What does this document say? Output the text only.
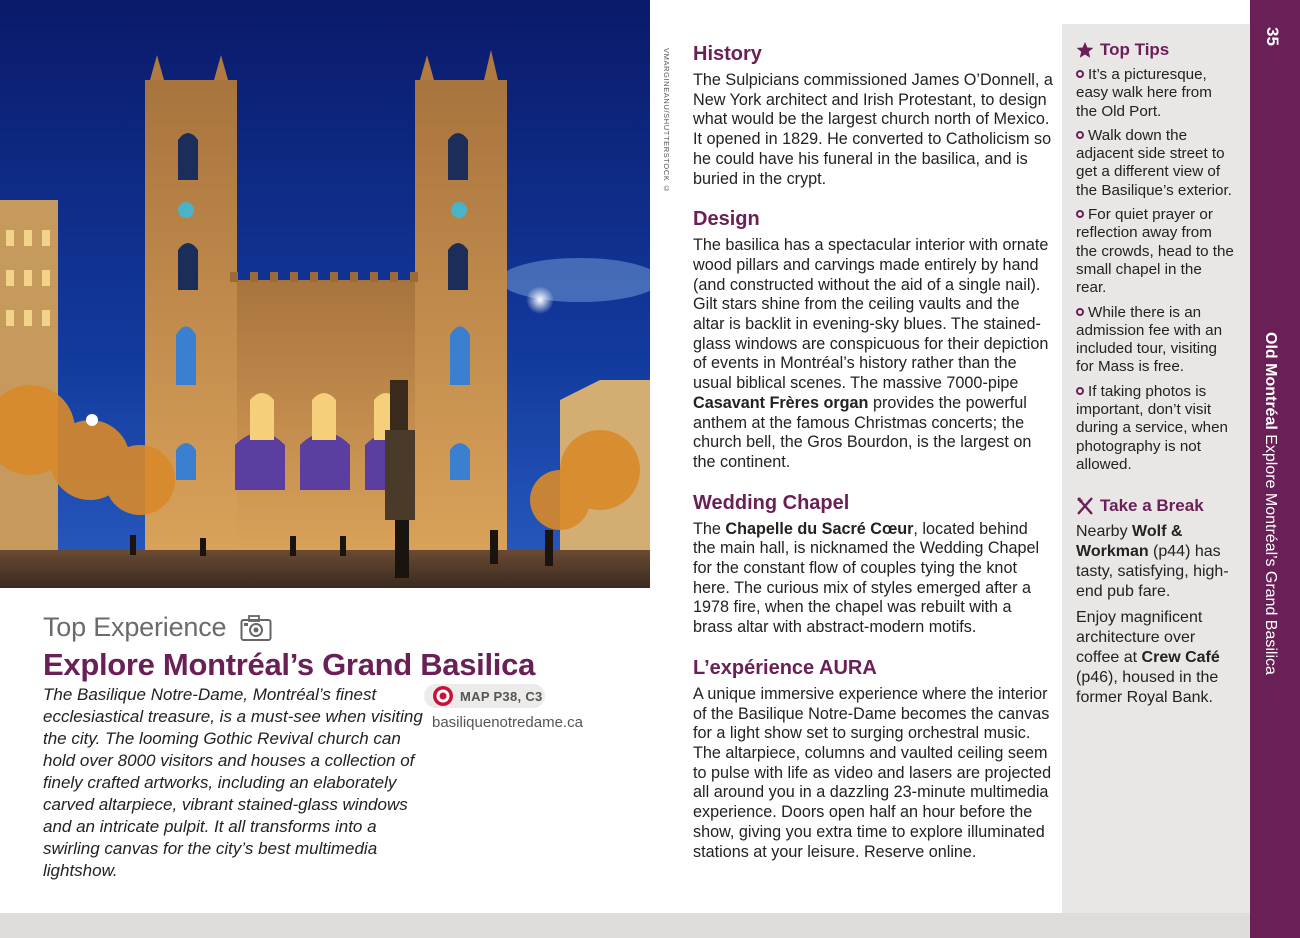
VMARGINEANU/SHUTTERSTOCK ©
Top Experience
Explore Montréal’s Grand Basilica

The Basilique Notre-Dame, Montréal’s finest ecclesiastical treasure, is a must-see when visiting the city. The looming Gothic Revival church can hold over 8000 visitors and houses a collection of finely crafted artworks, including an elaborately carved altarpiece, vibrant stained-glass windows and an intricate pulpit. It all transforms into a swirling canvas for the city’s best multimedia lightshow.

MAP P38, C3
basiliquenotredame.ca
History

The Sulpicians commissioned James O’Donnell, a New York architect and Irish Protestant, to design what would be the largest church north of Mexico. It opened in 1829. He converted to Catholicism so he could have his funeral in the basilica, and is buried in the crypt.

Design

The basilica has a spectacular interior with ornate wood pillars and carvings made entirely by hand (and constructed without the aid of a single nail). Gilt stars shine from the ceiling vaults and the altar is backlit in evening-sky blues. The stained-glass windows are conspicuous for their depiction of events in Montréal’s history rather than the usual biblical scenes. The massive 7000-pipe Casavant Frères organ provides the powerful anthem at the famous Christmas concerts; the church bell, the Gros Bourdon, is the largest on the continent.

Wedding Chapel

The Chapelle du Sacré Cœur, located behind the main hall, is nicknamed the Wedding Chapel for the constant flow of couples tying the knot here. The curious mix of styles emerged after a 1978 fire, when the chapel was rebuilt with a brass altar with abstract-modern motifs.

L’expérience AURA

A unique immersive experience where the interior of the Basilique Notre-Dame becomes the canvas for a light show set to surging orchestral music. The altarpiece, columns and vaulted ceiling seem to pulse with life as video and lasers are projected all around you in a dazzling 23-minute multimedia experience. Doors open half an hour before the show, giving you extra time to explore illuminated stations at your leisure. Reserve online.

Top Tips

It’s a picturesque, easy walk here from the Old Port.

Walk down the adjacent side street to get a different view of the Basilique’s exterior.

For quiet prayer or reflection away from the crowds, head to the small chapel in the rear.

While there is an admission fee with an included tour, visiting for Mass is free.

If taking photos is important, don’t visit during a service, when photography is not allowed.

Take a Break

Nearby Wolf & Workman (p44) has tasty, satisfying, high-end pub fare.

Enjoy magnificent architecture over coffee at Crew Café (p46), housed in the former Royal Bank.

35
Old Montréal Explore Montréal’s Grand Basilica
